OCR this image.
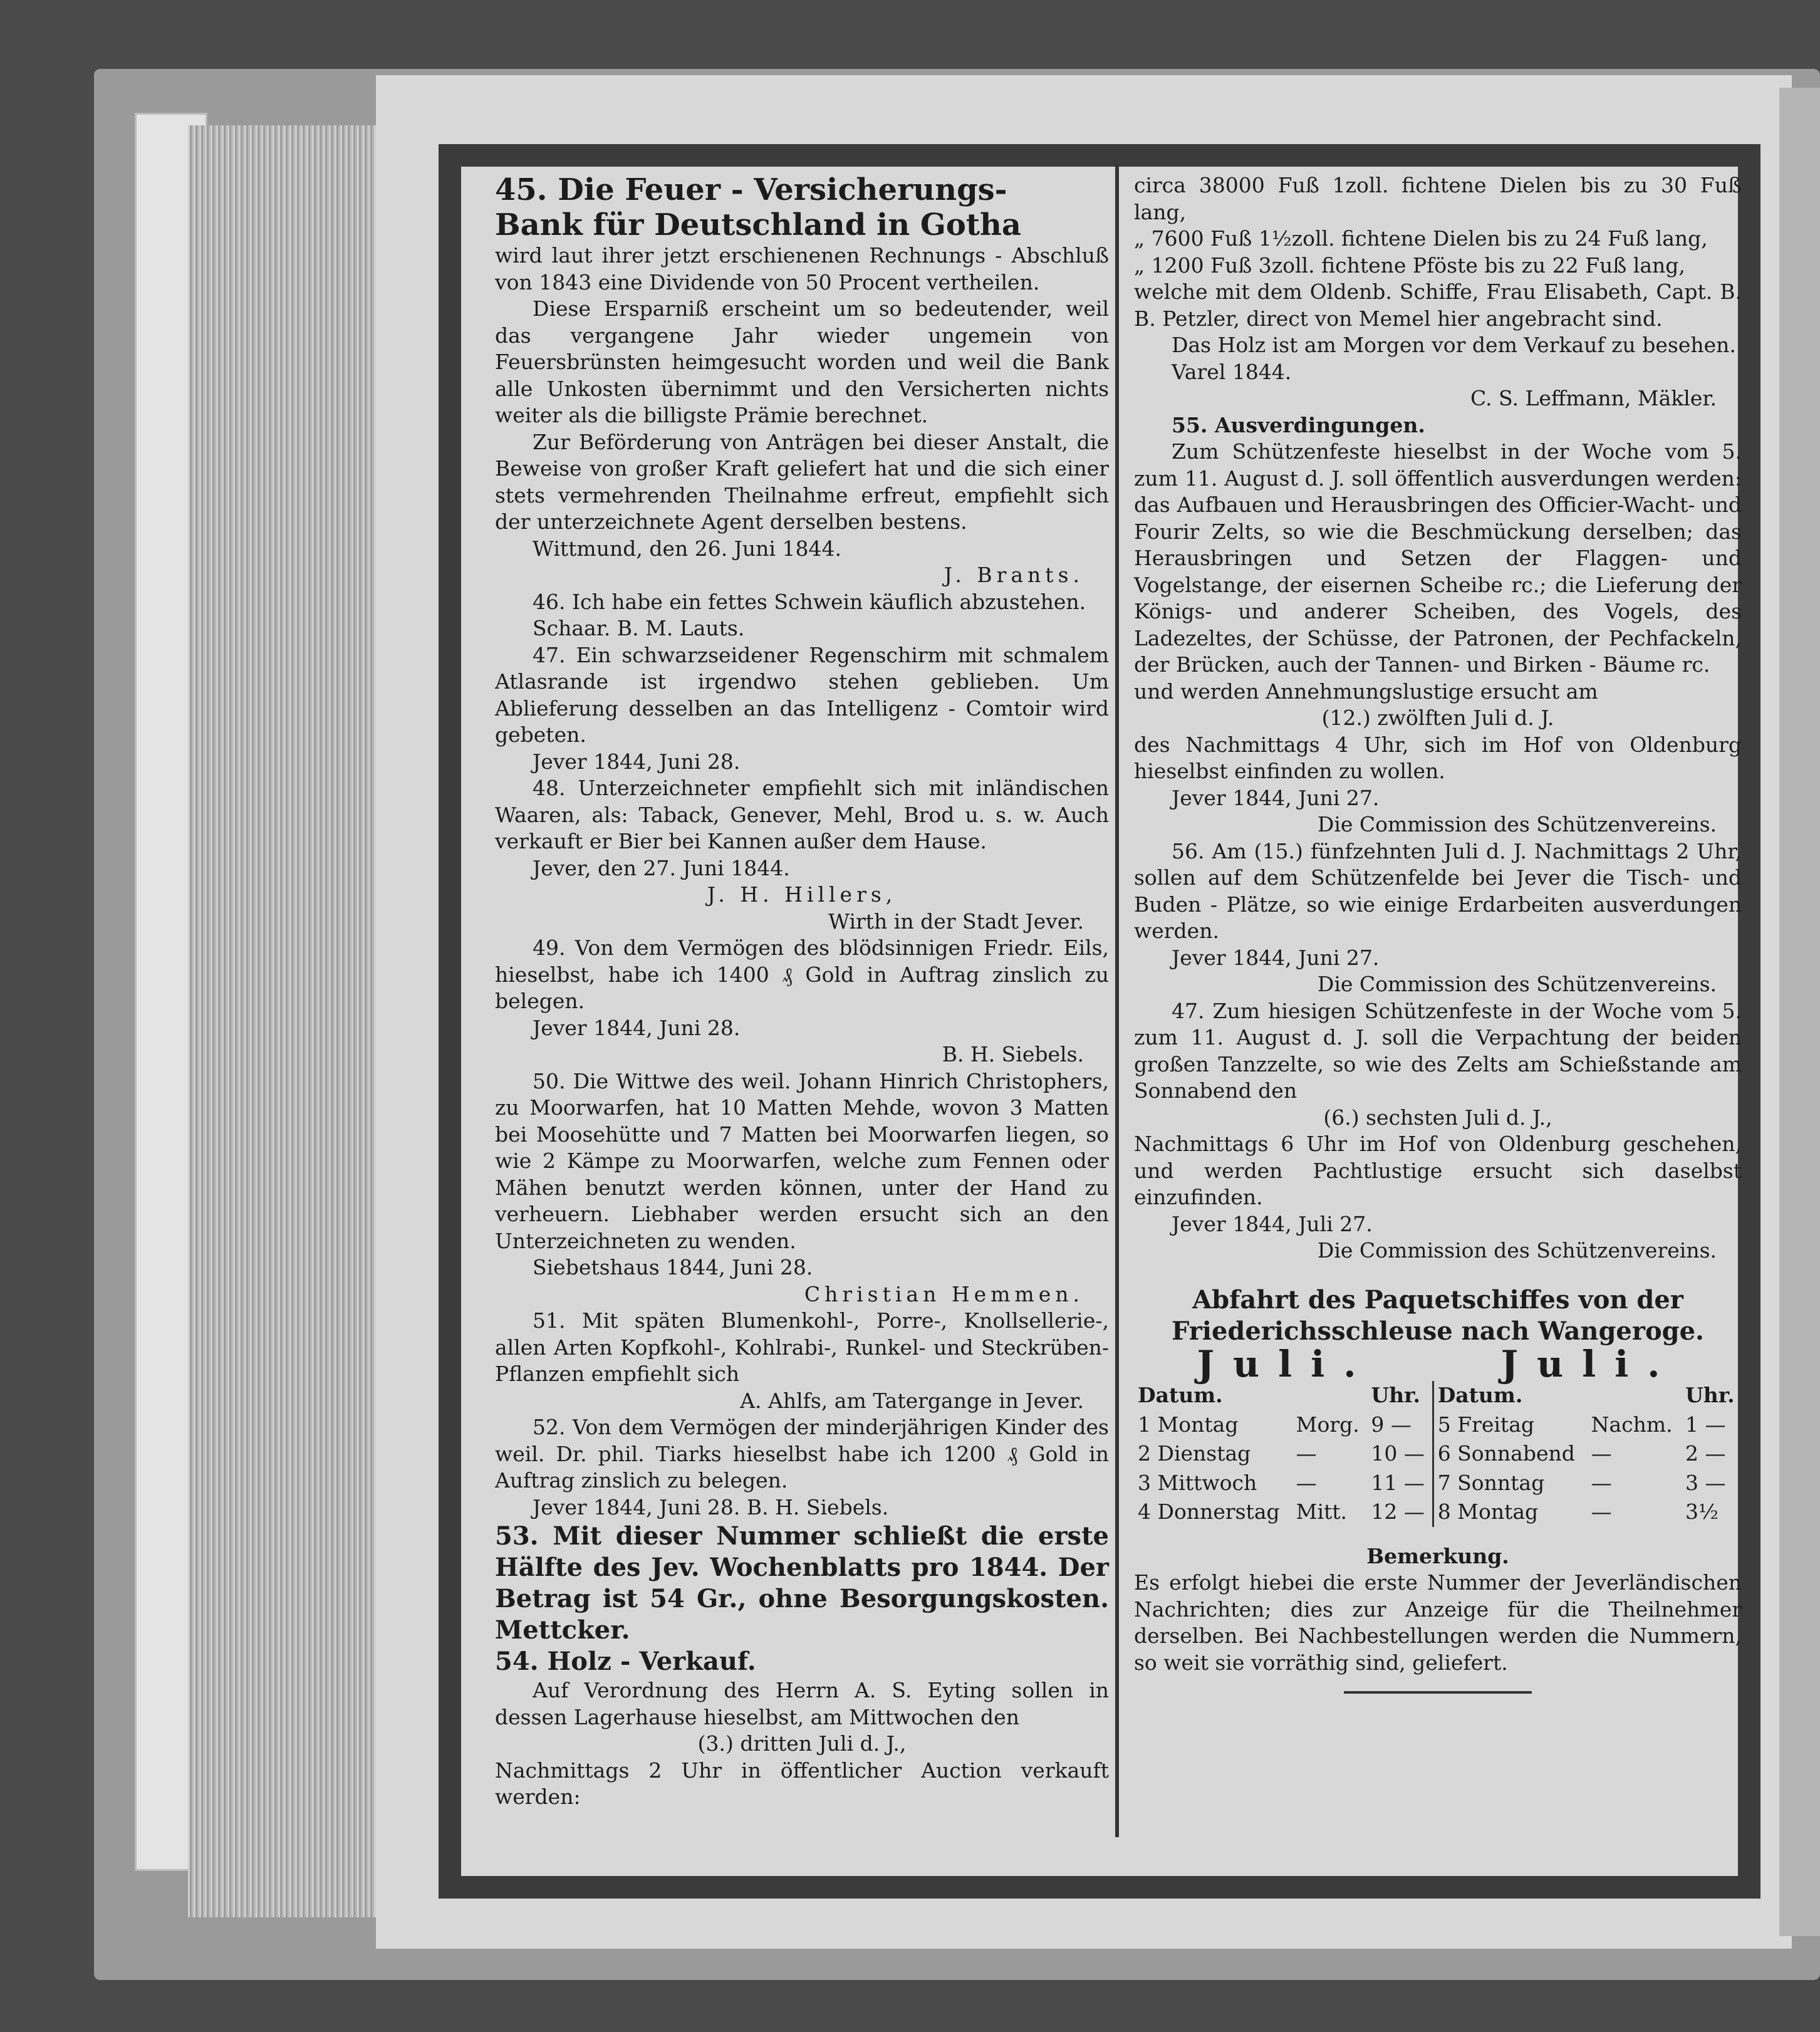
45. Die Feuer - Versicherungs-

Bank für Deutschland in Gotha

wird laut ihrer jetzt erschienenen Rechnungs - Abschluß von 1843 eine Dividende von 50 Procent vertheilen.

Diese Ersparniß erscheint um so bedeutender, weil das vergangene Jahr wieder ungemein von Feuersbrünsten heimgesucht worden und weil die Bank alle Unkosten übernimmt und den Versicherten nichts weiter als die billigste Prämie berechnet.

Zur Beförderung von Anträgen bei dieser Anstalt, die Beweise von großer Kraft geliefert hat und die sich einer stets vermehrenden Theilnahme erfreut, empfiehlt sich der unterzeichnete Agent derselben bestens.

Wittmund, den 26. Juni 1844.

J. Brants.

46. Ich habe ein fettes Schwein käuflich abzustehen.

Schaar. B. M. Lauts.

47. Ein schwarzseidener Regenschirm mit schmalem Atlasrande ist irgendwo stehen geblieben. Um Ablieferung desselben an das Intelligenz - Comtoir wird gebeten.

Jever 1844, Juni 28.

48. Unterzeichneter empfiehlt sich mit inländischen Waaren, als: Taback, Genever, Mehl, Brod u. s. w. Auch verkauft er Bier bei Kannen außer dem Hause.

Jever, den 27. Juni 1844.

J. H. Hillers,

Wirth in der Stadt Jever.

49. Von dem Vermögen des blödsinnigen Friedr. Eils, hieselbst, habe ich 1400 ₰ Gold in Auftrag zinslich zu belegen.

Jever 1844, Juni 28.

B. H. Siebels.

50. Die Wittwe des weil. Johann Hinrich Christophers, zu Moorwarfen, hat 10 Matten Mehde, wovon 3 Matten bei Moosehütte und 7 Matten bei Moorwarfen liegen, so wie 2 Kämpe zu Moorwarfen, welche zum Fennen oder Mähen benutzt werden können, unter der Hand zu verheuern. Liebhaber werden ersucht sich an den Unterzeichneten zu wenden.

Siebetshaus 1844, Juni 28.

Christian Hemmen.

51. Mit späten Blumenkohl-, Porre-, Knollsellerie-, allen Arten Kopfkohl-, Kohlrabi-, Runkel- und Steckrüben-Pflanzen empfiehlt sich

A. Ahlfs, am Tatergange in Jever.

52. Von dem Vermögen der minderjährigen Kinder des weil. Dr. phil. Tiarks hieselbst habe ich 1200 ₰ Gold in Auftrag zinslich zu belegen.

Jever 1844, Juni 28. B. H. Siebels.

53. Mit dieser Nummer schließt die erste Hälfte des Jev. Wochenblatts pro 1844. Der Betrag ist 54 Gr., ohne Besorgungskosten. Mettcker.

54. Holz - Verkauf.

Auf Verordnung des Herrn A. S. Eyting sollen in dessen Lagerhause hieselbst, am Mittwochen den

(3.) dritten Juli d. J.,

Nachmittags 2 Uhr in öffentlicher Auction verkauft werden:

circa 38000 Fuß 1zoll. fichtene Dielen bis zu 30 Fuß lang,

„ 7600 Fuß 1½zoll. fichtene Dielen bis zu 24 Fuß lang,

„ 1200 Fuß 3zoll. fichtene Pföste bis zu 22 Fuß lang,

welche mit dem Oldenb. Schiffe, Frau Elisabeth, Capt. B. B. Petzler, direct von Memel hier angebracht sind.

Das Holz ist am Morgen vor dem Verkauf zu besehen.

Varel 1844.

C. S. Leffmann, Mäkler.

55. Ausverdingungen.

Zum Schützenfeste hieselbst in der Woche vom 5. zum 11. August d. J. soll öffentlich ausverdungen werden: das Aufbauen und Herausbringen des Officier-Wacht- und Fourir Zelts, so wie die Beschmückung derselben; das Herausbringen und Setzen der Flaggen- und Vogelstange, der eisernen Scheibe rc.; die Lieferung der Königs- und anderer Scheiben, des Vogels, des Ladezeltes, der Schüsse, der Patronen, der Pechfackeln, der Brücken, auch der Tannen- und Birken - Bäume rc.

und werden Annehmungslustige ersucht am

(12.) zwölften Juli d. J.

des Nachmittags 4 Uhr, sich im Hof von Oldenburg hieselbst einfinden zu wollen.

Jever 1844, Juni 27.

Die Commission des Schützenvereins.

56. Am (15.) fünfzehnten Juli d. J. Nachmittags 2 Uhr, sollen auf dem Schützenfelde bei Jever die Tisch- und Buden - Plätze, so wie einige Erdarbeiten ausverdungen werden.

Jever 1844, Juni 27.

Die Commission des Schützenvereins.

47. Zum hiesigen Schützenfeste in der Woche vom 5. zum 11. August d. J. soll die Verpachtung der beiden großen Tanzzelte, so wie des Zelts am Schießstande am Sonnabend den

(6.) sechsten Juli d. J.,

Nachmittags 6 Uhr im Hof von Oldenburg geschehen, und werden Pachtlustige ersucht sich daselbst einzufinden.

Jever 1844, Juli 27.

Die Commission des Schützenvereins.

Abfahrt des Paquetschiffes von der Friederichsschleuse nach Wangeroge.

Juli.	Juli.
Datum.		Uhr.	Datum.		Uhr.
1 Montag	Morg.	9 —	5 Freitag	Nachm.	1 —
2 Dienstag	—	10 —	6 Sonnabend	—	2 —
3 Mittwoch	—	11 —	7 Sonntag	—	3 —
4 Donnerstag	Mitt.	12 —	8 Montag	—	3½

Bemerkung.

Es erfolgt hiebei die erste Nummer der Jeverländischen Nachrichten; dies zur Anzeige für die Theilnehmer derselben. Bei Nachbestellungen werden die Nummern, so weit sie vorräthig sind, geliefert.
